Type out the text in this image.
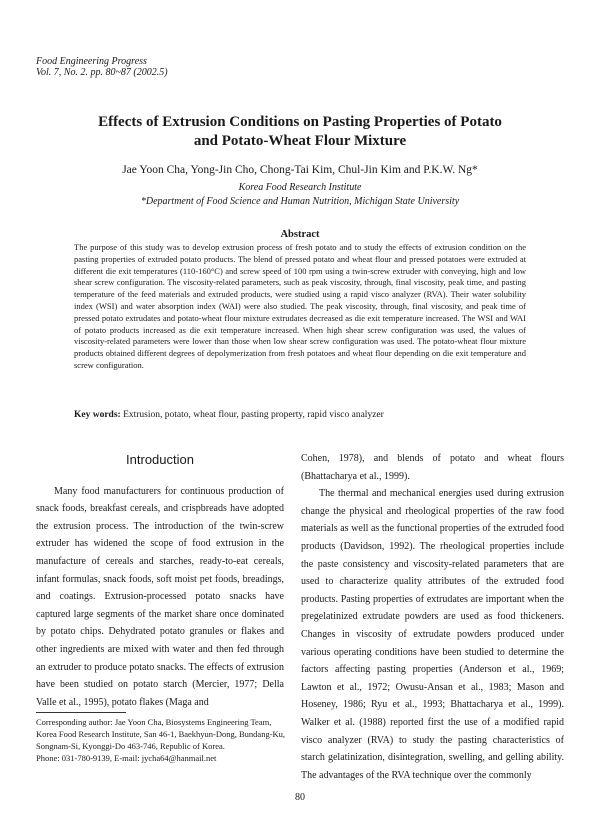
Food Engineering Progress
Vol. 7, No. 2. pp. 80~87 (2002.5)
Effects of Extrusion Conditions on Pasting Properties of Potato
and Potato-Wheat Flour Mixture
Jae Yoon Cha, Yong-Jin Cho, Chong-Tai Kim, Chul-Jin Kim and P.K.W. Ng*
Korea Food Research Institute
*Department of Food Science and Human Nutrition, Michigan State University
Abstract
The purpose of this study was to develop extrusion process of fresh potato and to study the effects of extrusion condition on the pasting properties of extruded potato products. The blend of pressed potato and wheat flour and pressed potatoes were extruded at different die exit temperatures (110-160°C) and screw speed of 100 rpm using a twin-screw extruder with conveying, high and low shear screw configuration. The viscosity-related parameters, such as peak viscosity, through, final viscosity, peak time, and pasting temperature of the feed materials and extruded products, were studied using a rapid visco analyzer (RVA). Their water solubility index (WSI) and water absorption index (WAI) were also studied. The peak viscosity, through, final viscosity, and peak time of pressed potato extrudates and potato-wheat flour mixture extrudates decreased as die exit temperature increased. The WSI and WAI of potato products increased as die exit temperature increased. When high shear screw configuration was used, the values of viscosity-related parameters were lower than those when low shear screw configuration was used. The potato-wheat flour mixture products obtained different degrees of depolymerization from fresh potatoes and wheat flour depending on die exit temperature and screw configuration.
Key words: Extrusion, potato, wheat flour, pasting property, rapid visco analyzer
Introduction

Many food manufacturers for continuous production of snack foods, breakfast cereals, and crispbreads have adopted the extrusion process. The introduction of the twin-screw extruder has widened the scope of food extrusion in the manufacture of cereals and starches, ready-to-eat cereals, infant formulas, snack foods, soft moist pet foods, breadings, and coatings. Extrusion-processed potato snacks have captured large segments of the market share once dominated by potato chips. Dehydrated potato granules or flakes and other ingredients are mixed with water and then fed through an extruder to produce potato snacks. The effects of extrusion have been studied on potato starch (Mercier, 1977; Della Valle et al., 1995), potato flakes (Maga and

Cohen, 1978), and blends of potato and wheat flours (Bhattacharya et al., 1999).

The thermal and mechanical energies used during extrusion change the physical and rheological properties of the raw food materials as well as the functional properties of the extruded food products (Davidson, 1992). The rheological properties include the paste consistency and viscosity-related parameters that are used to characterize quality attributes of the extruded food products. Pasting properties of extrudates are important when the pregelatinized extrudate powders are used as food thickeners. Changes in viscosity of extrudate powders produced under various operating conditions have been studied to determine the factors affecting pasting properties (Anderson et al., 1969; Lawton et al., 1972; Owusu-Ansan et al., 1983; Mason and Hoseney, 1986; Ryu et al., 1993; Bhattacharya et al., 1999). Walker et al. (1988) reported first the use of a modified rapid visco analyzer (RVA) to study the pasting characteristics of starch gelatinization, disintegration, swelling, and gelling ability. The advantages of the RVA technique over the commonly

Corresponding author: Jae Yoon Cha, Biosystems Engineering Team, Korea Food Research Institute, San 46-1, Baekhyun-Dong, Bundang-Ku, Songnam-Si, Kyonggi-Do 463-746, Republic of Korea.
Phone: 031-780-9139, E-mail: jycha64@hanmail.net
80
